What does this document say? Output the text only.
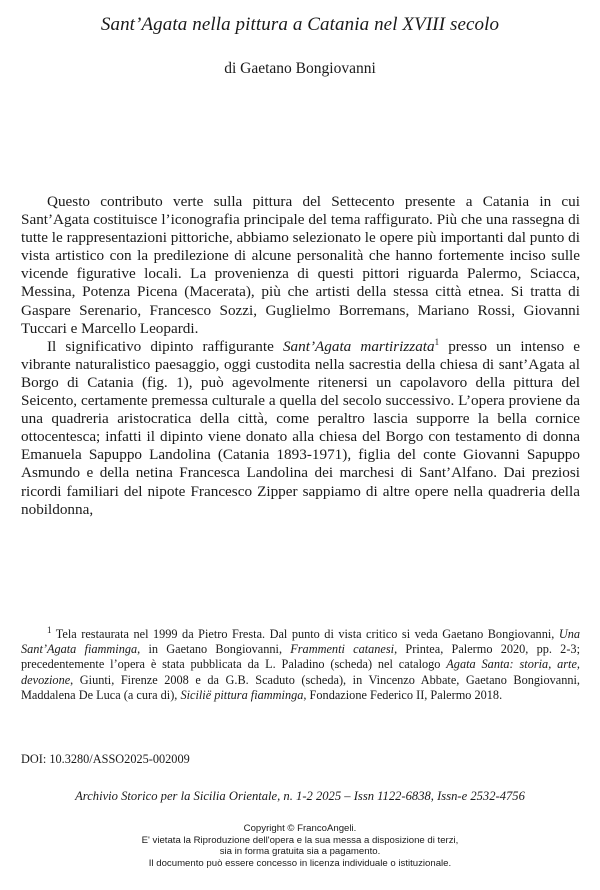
Sant’Agata nella pittura a Catania nel XVIII secolo
di Gaetano Bongiovanni

Questo contributo verte sulla pittura del Settecento presente a Catania in cui Sant’Agata costituisce l’iconografia principale del tema raffigurato. Più che una rassegna di tutte le rappresentazioni pittoriche, abbiamo selezionato le opere più importanti dal punto di vista artistico con la predilezione di alcune personalità che hanno fortemente inciso sulle vicende figurative locali. La provenienza di questi pittori riguarda Palermo, Sciacca, Messina, Potenza Picena (Macerata), più che artisti della stessa città etnea. Si tratta di Gaspare Serenario, Francesco Sozzi, Guglielmo Borremans, Mariano Rossi, Giovanni Tuccari e Marcello Leopardi.

Il significativo dipinto raffigurante Sant’Agata martirizzata$^1$ presso un intenso e vibrante naturalistico paesaggio, oggi custodita nella sacrestia della chiesa di sant’Agata al Borgo di Catania (fig. 1), può agevolmente ritenersi un capolavoro della pittura del Seicento, certamente premessa culturale a quella del secolo successivo. L’opera proviene da una quadreria aristocratica della città, come peraltro lascia supporre la bella cornice ottocentesca; infatti il dipinto viene donato alla chiesa del Borgo con testamento di donna Emanuela Sapuppo Landolina (Catania 1893-1971), figlia del conte Giovanni Sapuppo Asmundo e della netina Francesca Landolina dei marchesi di Sant’Alfano. Dai preziosi ricordi familiari del nipote Francesco Zipper sappiamo di altre opere nella quadreria della nobildonna,

$^1$ Tela restaurata nel 1999 da Pietro Fresta. Dal punto di vista critico si veda Gaetano Bongiovanni, Una Sant’Agata fiamminga, in Gaetano Bongiovanni, Frammenti catanesi, Printea, Palermo 2020, pp. 2-3; precedentemente l’opera è stata pubblicata da L. Paladino (scheda) nel catalogo Agata Santa: storia, arte, devozione, Giunti, Firenze 2008 e da G.B. Scaduto (scheda), in Vincenzo Abbate, Gaetano Bongiovanni, Maddalena De Luca (a cura di), Sicilië pittura fiamminga, Fondazione Federico II, Palermo 2018.

DOI: 10.3280/ASSO2025-002009
Archivio Storico per la Sicilia Orientale, n. 1-2 2025 – Issn 1122-6838, Issn-e 2532-4756
Copyright © FrancoAngeli.
E' vietata la Riproduzione dell'opera e la sua messa a disposizione di terzi,
sia in forma gratuita sia a pagamento.
Il documento può essere concesso in licenza individuale o istituzionale.
